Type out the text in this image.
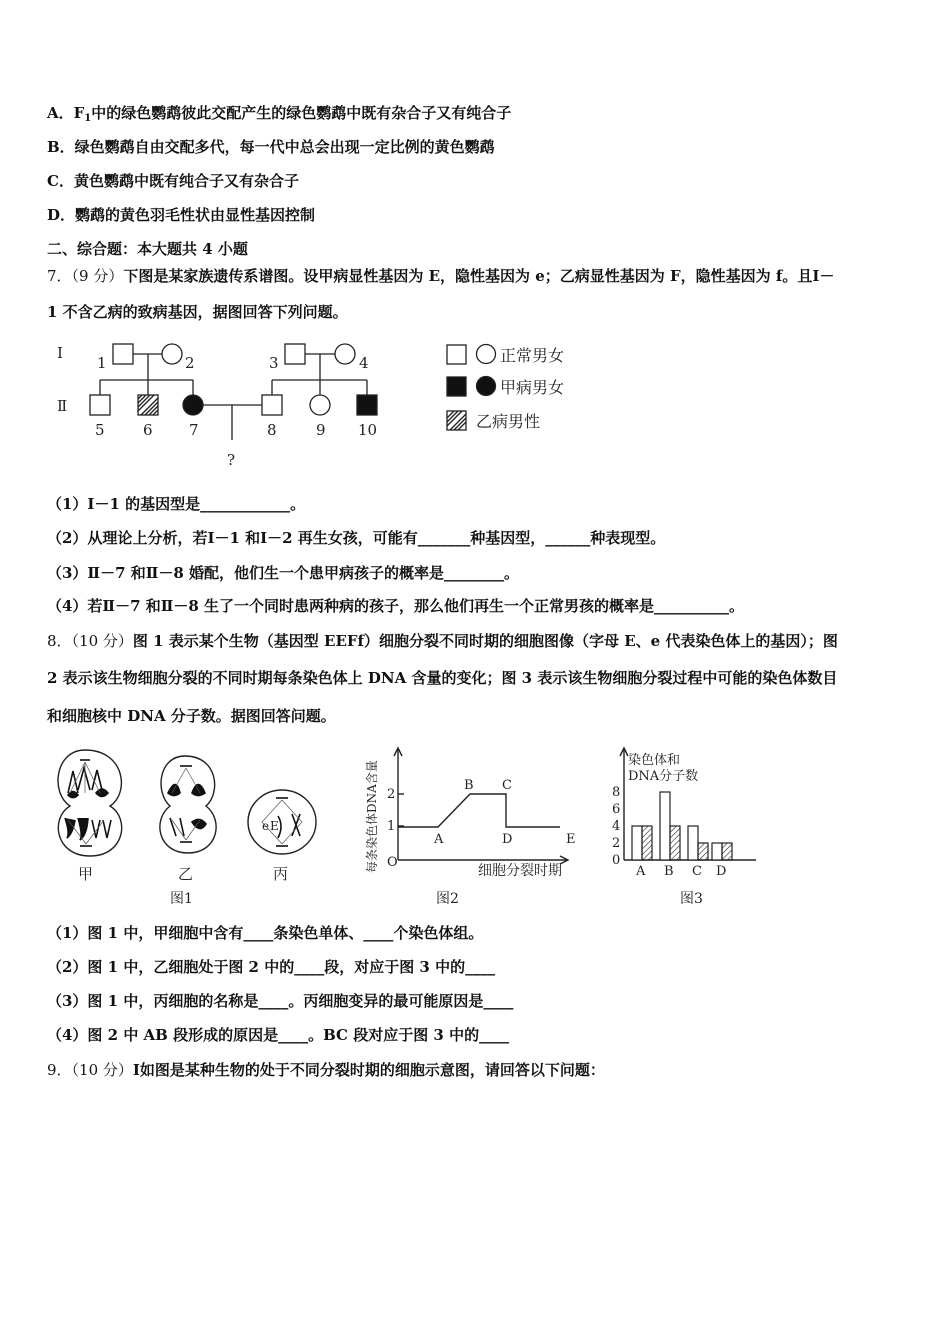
A．$F_1$中的绿色鹦鹉彼此交配产生的绿色鹦鹉中既有杂合子又有纯合子
B．绿色鹦鹉自由交配多代，每一代中总会出现一定比例的黄色鹦鹉
C．黄色鹦鹉中既有纯合子又有杂合子
D．鹦鹉的黄色羽毛性状由显性基因控制
二、综合题：本大题共 4 小题
7．（9 分）下图是某家族遗传系谱图。设甲病显性基因为 E，隐性基因为 e；乙病显性基因为 F，隐性基因为 f。且Ⅰ－
1 不含乙病的致病基因，据图回答下列问题。
Ⅰ
Ⅱ
1	2	3	4
5	6 7	8	9 10
?
正常男女
甲病男女
乙病男性
（1）Ⅰ－1 的基因型是____________。
（2）从理论上分析，若Ⅰ－1 和Ⅰ－2 再生女孩，可能有_______种基因型，______种表现型。
（3）Ⅱ－7 和Ⅱ－8 婚配，他们生一个患甲病孩子的概率是________。
（4）若Ⅱ－7 和Ⅱ－8 生了一个同时患两种病的孩子，那么他们再生一个正常男孩的概率是__________。
8．（10 分）图 1 表示某个生物（基因型 EEFf）细胞分裂不同时期的细胞图像（字母 E、e 代表染色体上的基因）；图
2 表示该生物细胞分裂的不同时期每条染色体上 DNA 含量的变化；图 3 表示该生物细胞分裂过程中可能的染色体数目
和细胞核中 DNA 分子数。据图回答问题。
e E
甲	乙	丙
图1
每条染色体DNA含量 2
1
O
A
B C
D	E
细胞分裂时期
图2
染色体和
DNA分子数
8
6
4
2
0
A B C D
图3
（1）图 1 中，甲细胞中含有____条染色单体、____个染色体组。
（2）图 1 中，乙细胞处于图 2 中的____段，对应于图 3 中的____
（3）图 1 中，丙细胞的名称是____。丙细胞变异的最可能原因是____
（4）图 2 中 AB 段形成的原因是____。BC 段对应于图 3 中的____
9．（10 分）Ⅰ如图是某种生物的处于不同分裂时期的细胞示意图，请回答以下问题：
